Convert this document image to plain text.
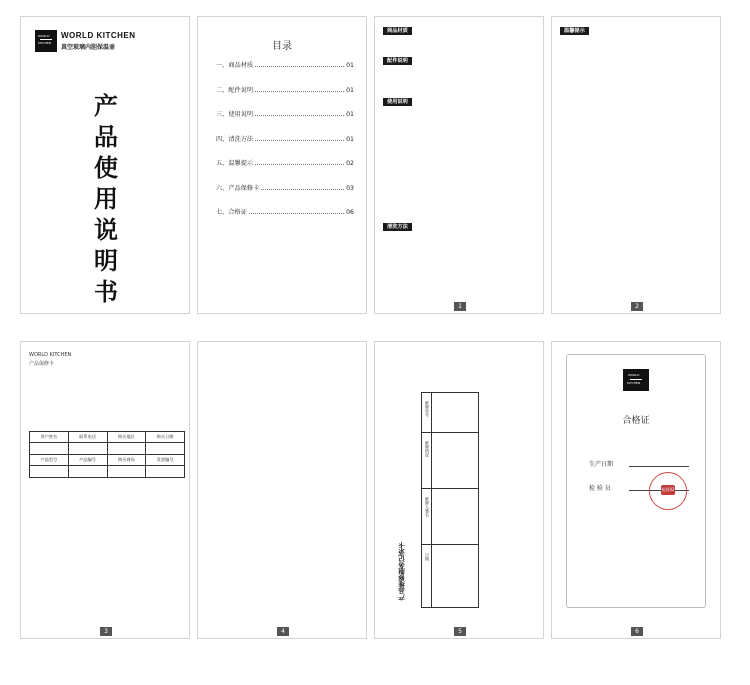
WORLD
KITCHEN
WORLD KITCHEN
真空玻璃内胆保温壶
产
品
使
用
说
明
书
目录
一、商品材质	01
二、配件说明	01
三、使用说明	01
四、清洗方法	01
五、温馨提示	02
六、产品保修卡	03
七、合格证	06
商品材质
配件说明
使用说明
清洗方法
1
温馨提示
2
WORLD KITCHEN
产品保修卡
用户姓名	联系电话	购买地区	购买日期

产品型号	产品编号	购买商场	发票编号

3	4
产品维修服务记录卡
维修单号
维修情况
维修人签名
日期
5
WORLD
KITCHEN
合格证
生产日期
检 验 员	检验02
6
